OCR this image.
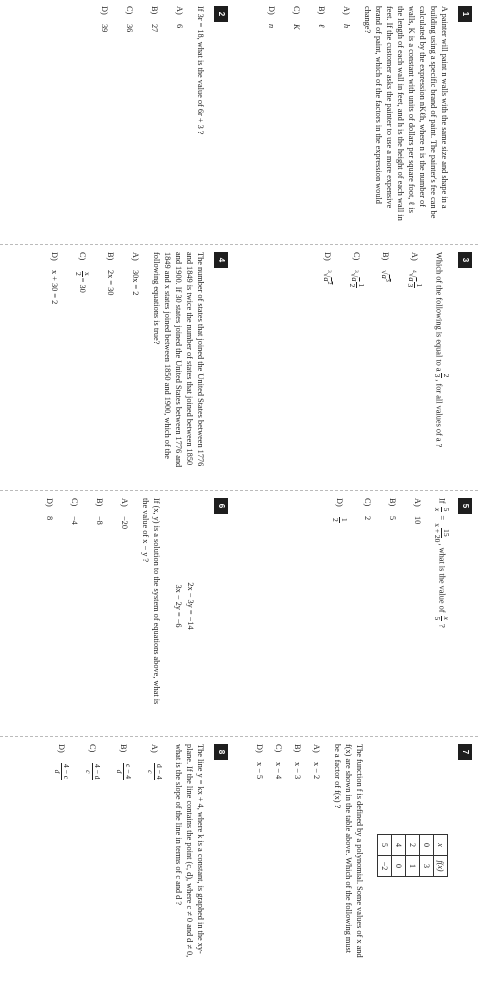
1
A painter will paint n walls with the same size and shape in a building using a specific brand of paint. The painter's fee can be calculated by the expression nKℓh, where n is the number of walls, K is a constant with units of dollars per square foot, ℓ is the length of each wall in feet, and h is the height of each wall in feet. If the customer asks the painter to use a more expensive brand of paint, which of the factors in the expression would change?
A)
h
B)
ℓ
C)
K
D)
n
2
If 3r = 18, what is the value of 6r + 3 ?
A)
6
B)
27
C)
36
D)
39
3
Which of the following is equal to a
$^{2 3}$
, for all values of a ?
A)
$^4$√a
$^{1 3}$
B)
$√a^3$
C)
$^3$√a
$^{1 2}$
D)
$^3√a^2$
4
The number of states that joined the United States between 1776 and 1849 is twice the number of states that joined between 1850 and 1900. If 30 states joined the United States between 1776 and 1849 and x states joined between 1850 and 1900, which of the following equations is true?
A)
30x = 2
B)
2x = 30
C)
x
2
= 30
D)
x + 30 = 2
5
If
5
x
=
15
x + 20
, what is the value of
x
5
?
A)
10
B)
5
C)
2
D)
1
2
6
2x − 3y = −14
3x − 2y = −6
If (x, y) is a solution to the system of equations above, what is the value of x − y ?
A)
−20
B)
−8
C)
−4
D)
8
7
x	f(x)
0	3
2	1
4	0
5	−2
The function f is defined by a polynomial. Some values of x and f(x) are shown in the table above. Which of the following must be a factor of f(x) ?
A)
x − 2
B)
x − 3
C)
x − 4
D)
x − 5
8
The line y = kx + 4, where k is a constant, is graphed in the xy-plane. If the line contains the point (c, d), where c ≠ 0 and d ≠ 0, what is the slope of the line in terms of c and d ?
A)
d − 4
c
B)
c − 4
d
C)
4 − d
c
D)
4 − c
d
